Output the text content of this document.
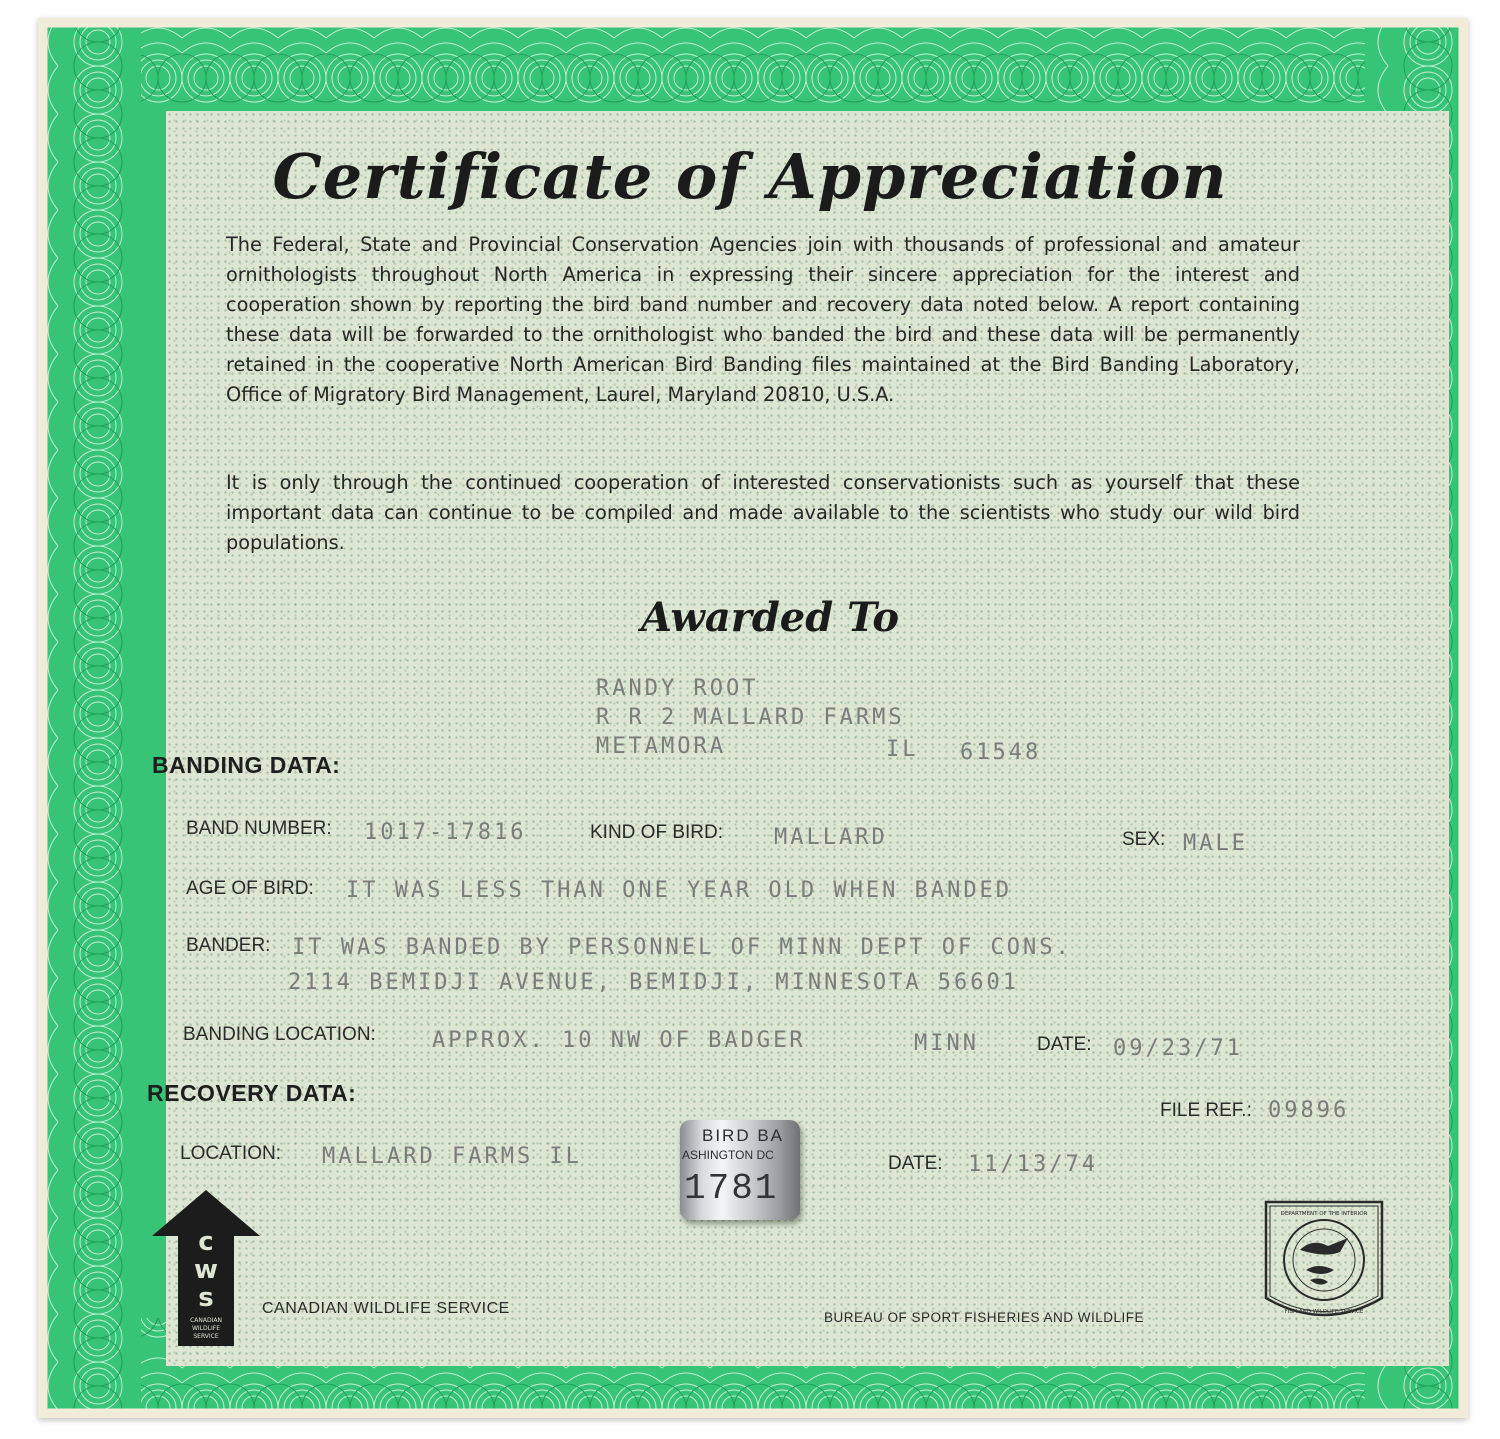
Certificate of Appreciation

The Federal, State and Provincial Conservation Agencies join with thousands of professional and amateur ornithologists throughout North America in expressing their sincere appreciation for the interest and cooperation shown by reporting the bird band number and recovery data noted below. A report containing these data will be forwarded to the ornithologist who banded the bird and these data will be permanently retained in the cooperative North American Bird Banding files maintained at the Bird Banding Laboratory, Office of Migratory Bird Management, Laurel, Maryland 20810, U.S.A.

It is only through the continued cooperation of interested conservationists such as yourself that these important data can continue to be compiled and made available to the scientists who study our wild bird populations.

Awarded To
RANDY ROOT
R R 2 MALLARD FARMS
METAMORA	IL 61548
BANDING DATA:
BAND NUMBER: 1017-17816	KIND OF BIRD: MALLARD	SEX: MALE
AGE OF BIRD: IT WAS LESS THAN ONE YEAR OLD WHEN BANDED
BANDER: IT WAS BANDED BY PERSONNEL OF MINN DEPT OF CONS.
2114 BEMIDJI AVENUE, BEMIDJI, MINNESOTA 56601
BANDING LOCATION:	APPROX. 10 NW OF BADGER	MINN	DATE: 09/23/71
RECOVERY DATA:
FILE REF.: 09896
LOCATION: MALLARD FARMS IL	DATE: 11/13/74
BIRD BA
ASHINGTON DC
1781
c
w
s
CANADIAN
WILDLIFE
SERVICE
CANADIAN WILDLIFE SERVICE
BUREAU OF SPORT FISHERIES AND WILDLIFE
DEPARTMENT OF THE INTERIOR
FISH AND WILDLIFE SERVICE
